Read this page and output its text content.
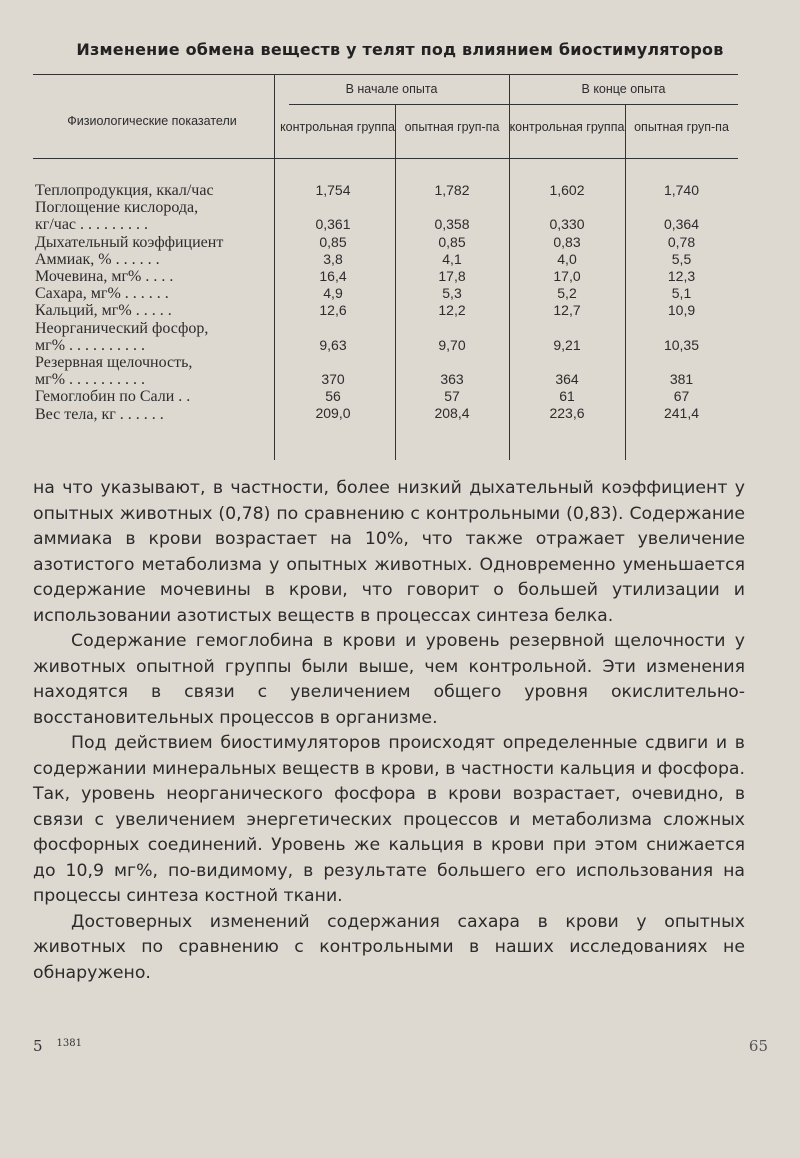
Изменение обмена веществ у телят под влиянием биостимуляторов
Физиологические показатели
В начале опыта	В конце опыта
контрольная группа опытная груп-па контрольная группа опытная груп-па
Теплопродукция, ккал/час
Поглощение кислорода,
кг/час . . . . . . . . .
Дыхательный коэффициент
Аммиак, % . . . . . .
Мочевина, мг% . . . .
Сахара, мг% . . . . . .
Кальций, мг% . . . . .
Неорганический фосфор,
мг% . . . . . . . . . .
Резервная щелочность,
мг% . . . . . . . . . .
Гемоглобин по Сали . .
Вес тела, кг . . . . . .
1,754
0,361
0,85
3,8
16,4
4,9
12,6
9,63
370
56
209,0
1,782
0,358
0,85
4,1
17,8
5,3
12,2
9,70
363
57
208,4
1,602
0,330
0,83
4,0
17,0
5,2
12,7
9,21
364
61
223,6
1,740
0,364
0,78
5,5
12,3
5,1
10,9
10,35
381
67
241,4

на что указывают, в частности, более низкий дыхательный коэффициент у опытных животных (0,78) по сравнению с контрольными (0,83). Содержание аммиака в крови возрастает на 10%, что также отражает увеличение азотистого метаболизма у опытных животных. Одновременно уменьшается содержание мочевины в крови, что говорит о большей утилизации и использовании азотистых веществ в процессах синтеза белка.

Содержание гемоглобина в крови и уровень резервной щелочности у животных опытной группы были выше, чем контрольной. Эти изменения находятся в связи с увеличением общего уровня окислительно-восстановительных процессов в организме.

Под действием биостимуляторов происходят определенные сдвиги и в содержании минеральных веществ в крови, в частности кальция и фосфора. Так, уровень неорганического фосфора в крови возрастает, очевидно, в связи с увеличением энергетических процессов и метаболизма сложных фосфорных соединений. Уровень же кальция в крови при этом снижается до 10,9 мг%, по-видимому, в результате большего его использования на процессы синтеза костной ткани.

Достоверных изменений содержания сахара в крови у опытных животных по сравнению с контрольными в наших исследованиях не обнаружено.

5 $^{1381}$	65
